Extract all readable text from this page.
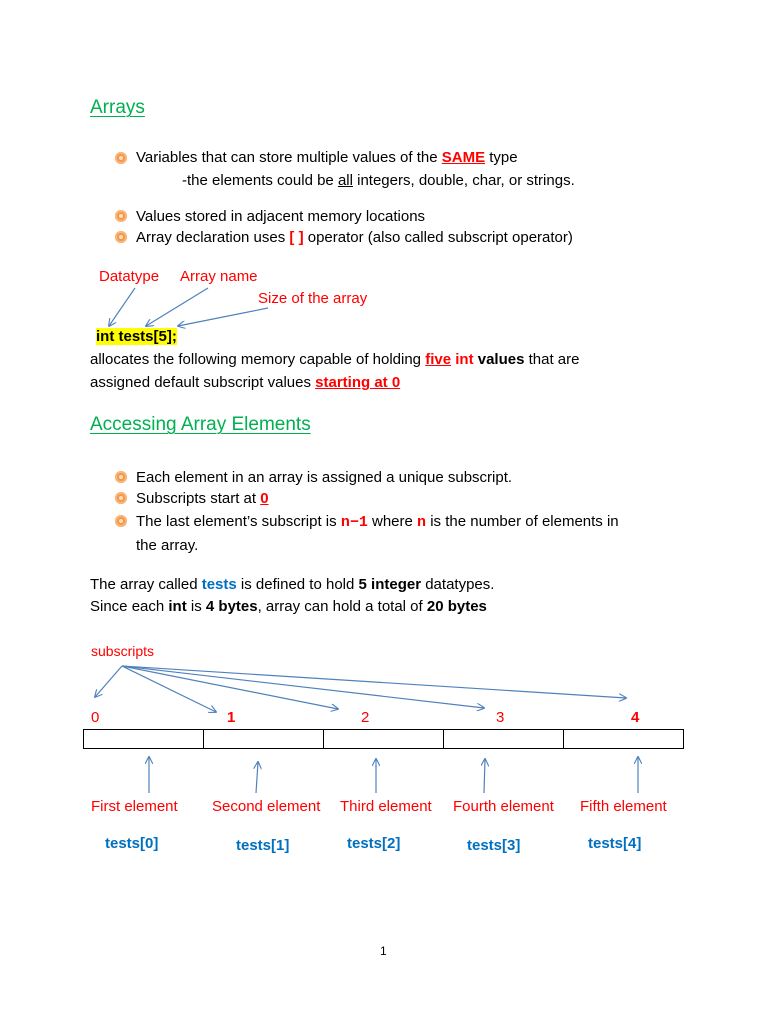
Arrays
Variables that can store multiple values of the SAME type
-the elements could be all integers, double, char, or strings.
Values stored in adjacent memory locations
Array declaration uses [ ] operator (also called subscript operator)
Datatype Array name
Size of the array
int tests[5];
allocates the following memory capable of holding five int values that are
assigned default subscript values starting at 0
Accessing Array Elements
Each element in an array is assigned a unique subscript.
Subscripts start at 0
The last element’s subscript is n−1 where n is the number of elements in
the array.
The array called tests is defined to hold 5 integer datatypes.
Since each int is 4 bytes, array can hold a total of 20 bytes
subscripts
0	1	2	3	4
First element Second element Third element Fourth element Fifth element
tests[0]	tests[1]	tests[2]	tests[3]	tests[4]
1
